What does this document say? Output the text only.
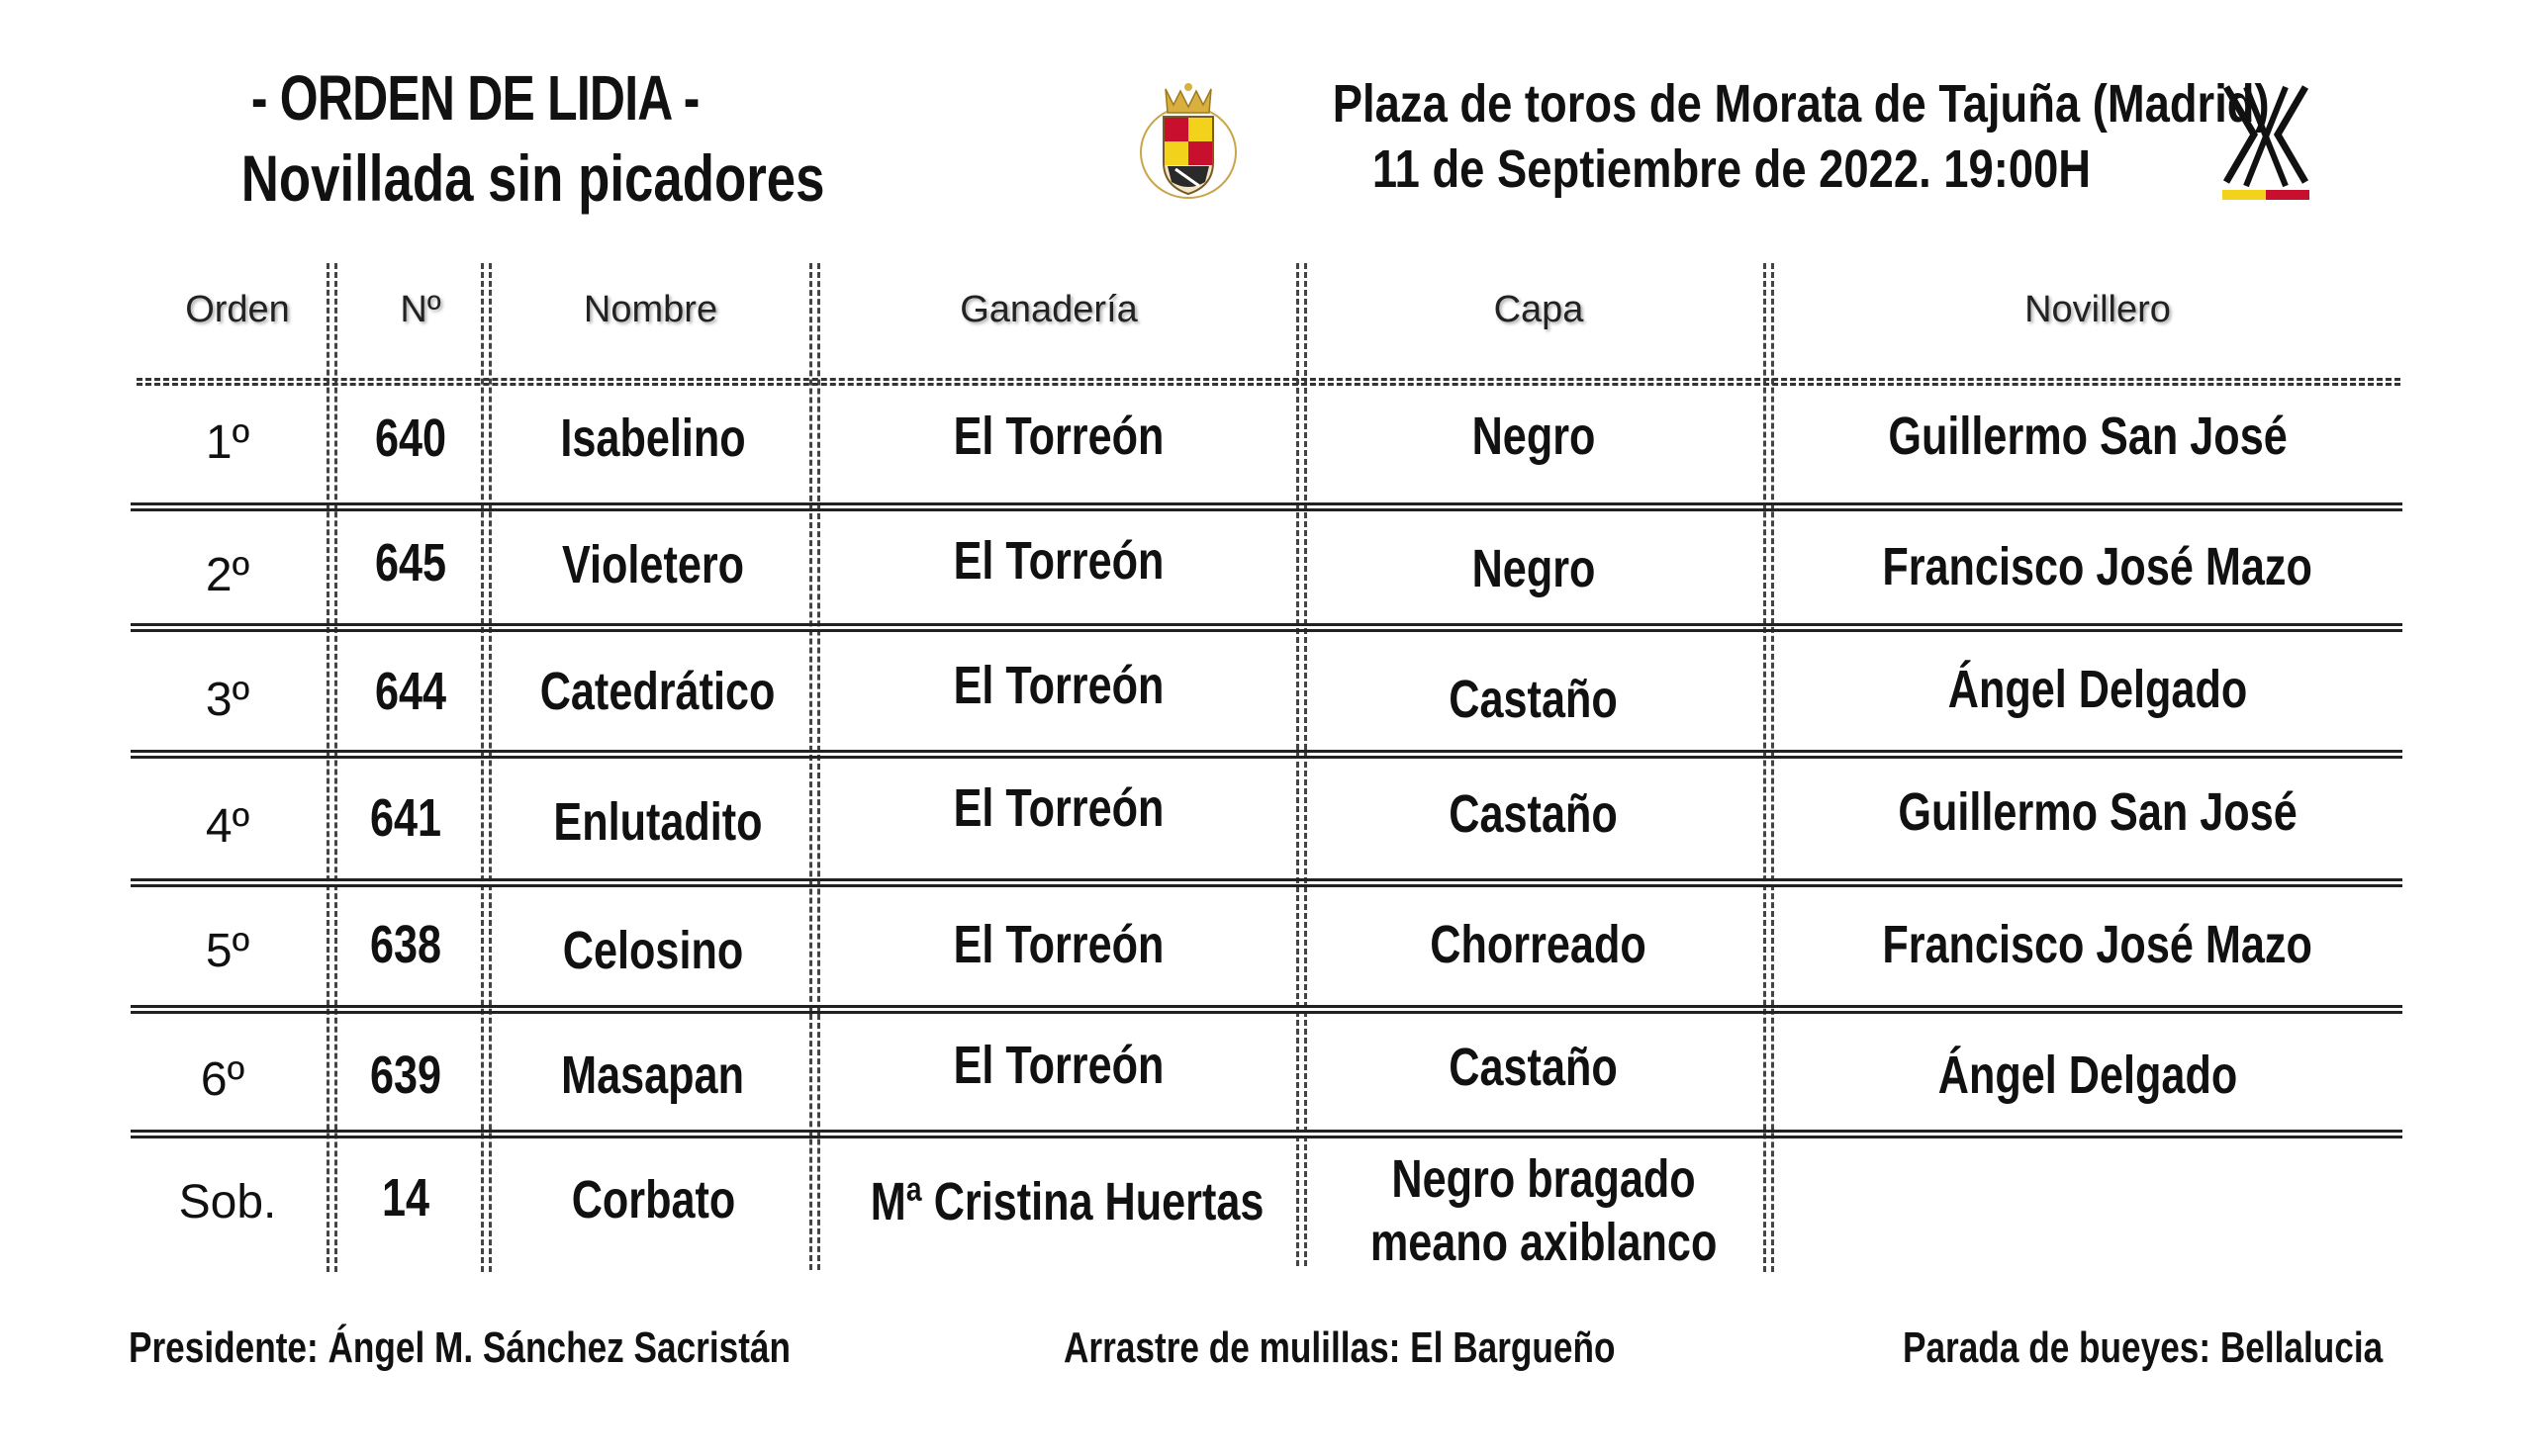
- ORDEN DE LIDIA -
Novillada sin picadores
Plaza de toros de Morata de Tajuña (Madrid)
11 de Septiembre de 2022. 19:00H
Orden	Nº	Nombre	Ganadería	Capa	Novillero
1º	640	Isabelino	El Torreón	Negro	Guillermo San José
2º	645	Violetero	El Torreón	Negro	Francisco José Mazo
3º	644	Catedrático	El Torreón	Castaño	Ángel Delgado
4º	641	Enlutadito	El Torreón	Castaño	Guillermo San José
5º	638	Celosino	El Torreón	Chorreado	Francisco José Mazo
6º	639	Masapan	El Torreón	Castaño	Ángel Delgado
Sob.	14	Corbato	Mª Cristina Huertas	Negro bragado
meano axiblanco
Presidente: Ángel M. Sánchez Sacristán	Arrastre de mulillas: El Bargueño	Parada de bueyes: Bellalucia
